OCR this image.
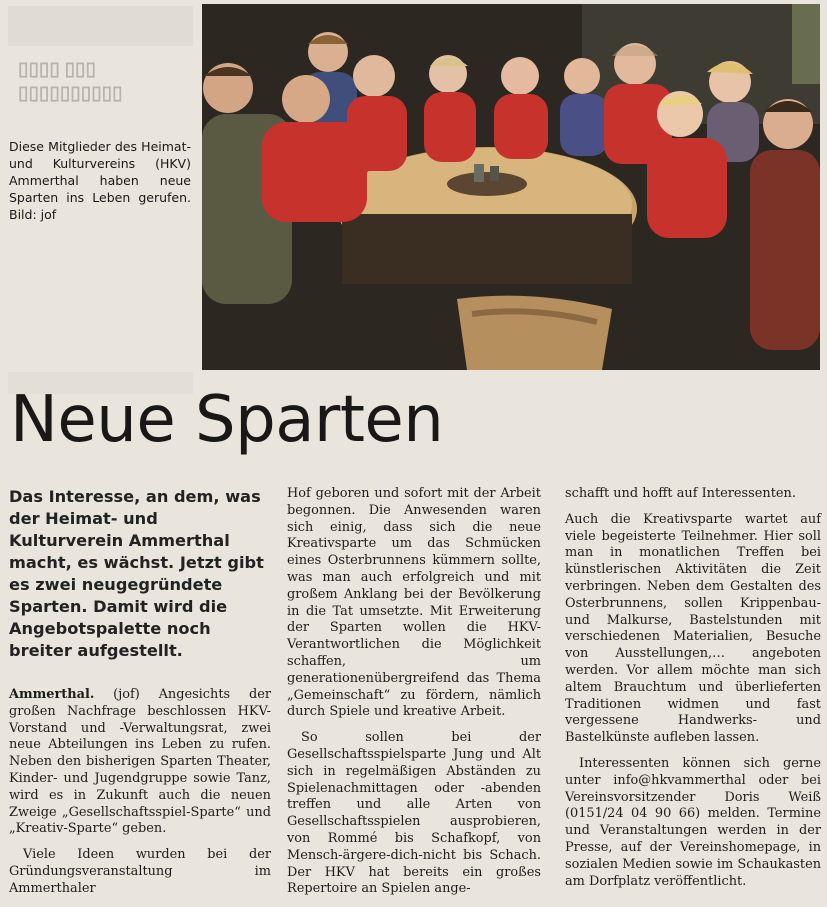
▯▯▯▯ ▯▯▯
▯▯▯▯▯▯▯▯▯▯
Diese Mitglieder des Heimat- und Kulturvereins (HKV) Ammerthal haben neue Sparten ins Leben gerufen. Bild: jof
Neue Sparten
Das Interesse, an dem, was der Heimat- und Kulturverein Ammerthal macht, es wächst. Jetzt gibt es zwei neugegründete Sparten. Damit wird die Angebotspalette noch breiter aufgestellt.

Ammerthal. (jof) Angesichts der großen Nachfrage beschlossen HKV-Vorstand und -Verwaltungsrat, zwei neue Abteilungen ins Leben zu rufen. Neben den bisherigen Sparten Theater, Kinder- und Jugendgruppe sowie Tanz, wird es in Zukunft auch die neuen Zweige „Gesellschaftsspiel-Sparte“ und „Kreativ-Sparte“ geben.

Viele Ideen wurden bei der Gründungsveranstaltung im Ammerthaler

Hof geboren und sofort mit der Arbeit begonnen. Die Anwesenden waren sich einig, dass sich die neue Kreativsparte um das Schmücken eines Osterbrunnens kümmern sollte, was man auch erfolgreich und mit großem Anklang bei der Bevölkerung in die Tat umsetzte. Mit Erweiterung der Sparten wollen die HKV-Verantwortlichen die Möglichkeit schaffen, um generationenübergreifend das Thema „Gemeinschaft“ zu fördern, nämlich durch Spiele und kreative Arbeit.

So sollen bei der Gesellschaftsspielsparte Jung und Alt sich in regelmäßigen Abständen zu Spielenachmittagen oder -abenden treffen und alle Arten von Gesellschaftsspielen ausprobieren, von Rommé bis Schafkopf, von Mensch-ärgere-dich-nicht bis Schach. Der HKV hat bereits ein großes Repertoire an Spielen ange-

schafft und hofft auf Interessenten.

Auch die Kreativsparte wartet auf viele begeisterte Teilnehmer. Hier soll man in monatlichen Treffen bei künstlerischen Aktivitäten die Zeit verbringen. Neben dem Gestalten des Osterbrunnens, sollen Krippenbau- und Malkurse, Bastelstunden mit verschiedenen Materialien, Besuche von Ausstellungen,… angeboten werden. Vor allem möchte man sich altem Brauchtum und überlieferten Traditionen widmen und fast vergessene Handwerks- und Bastelkünste aufleben lassen.

Interessenten können sich gerne unter info@hkvammerthal oder bei Vereinsvorsitzender Doris Weiß (0151/24 04 90 66) melden. Termine und Veranstaltungen werden in der Presse, auf der Vereinshomepage, in sozialen Medien sowie im Schaukasten am Dorfplatz veröffentlicht.
